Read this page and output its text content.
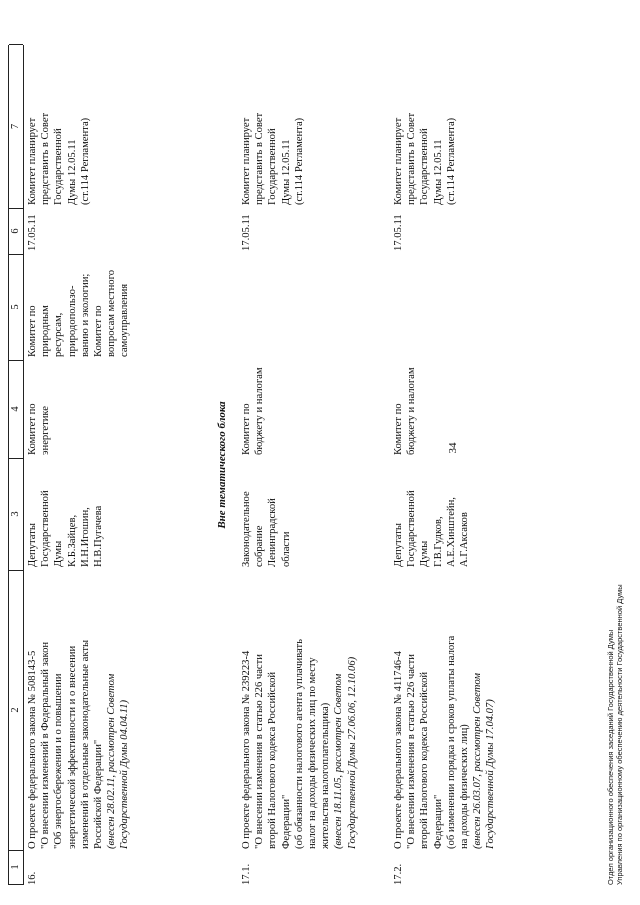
34
1
2
3
4
5
6
7
16.
О проекте федерального закона № 508143-5 "О внесении изменений в Федеральный закон "Об энергосбережении и о повышении энергетической эффективности и о внесении изменений в отдельные законодательные акты Российской Федерации" (внесен 28.02.11, рассмотрен Советом Государственной Думы 04.04.11)
Депутаты Государственной Думы К.Б.Зайцев, И.Н.Игошин, Н.В.Пугачева
Комитет по энергетике
Комитет по природным ресурсам, природопользо- ванию и экологии; Комитет по вопросам местного самоуправления
17.05.11
Комитет планирует представить в Совет Государственной Думы 12.05.11 (ст.114 Регламента)
Вне тематического блока
17.1.
О проекте федерального закона № 239223-4 "О внесении изменения в статью 226 части второй Налогового кодекса Российской Федерации" (об обязанности налогового агента уплачивать налог на доходы физических лиц по месту жительства налогоплательщика) (внесен 18.11.05, рассмотрен Советом Государственной Думы 27.06.06, 12.10.06)
Законодательное собрание Ленинградской области
Комитет по бюджету и налогам
17.05.11
Комитет планирует представить в Совет Государственной Думы 12.05.11 (ст.114 Регламента)
17.2.
О проекте федерального закона № 411746-4 "О внесении изменения в статью 226 части второй Налогового кодекса Российской Федерации" (об изменении порядка и сроков уплаты налога на доходы физических лиц) (внесен 26.03.07, рассмотрен Советом Государственной Думы 17.04.07)
Депутаты Государственной Думы Г.В.Гудков, А.Е.Хинштейн, А.Г.Аксаков
Комитет по бюджету и налогам
17.05.11
Комитет планирует представить в Совет Государственной Думы 12.05.11 (ст.114 Регламента)
Отдел организационного обеспечения заседаний Государственной Думы Управления по организационному обеспечению деятельности Государственной Думы
